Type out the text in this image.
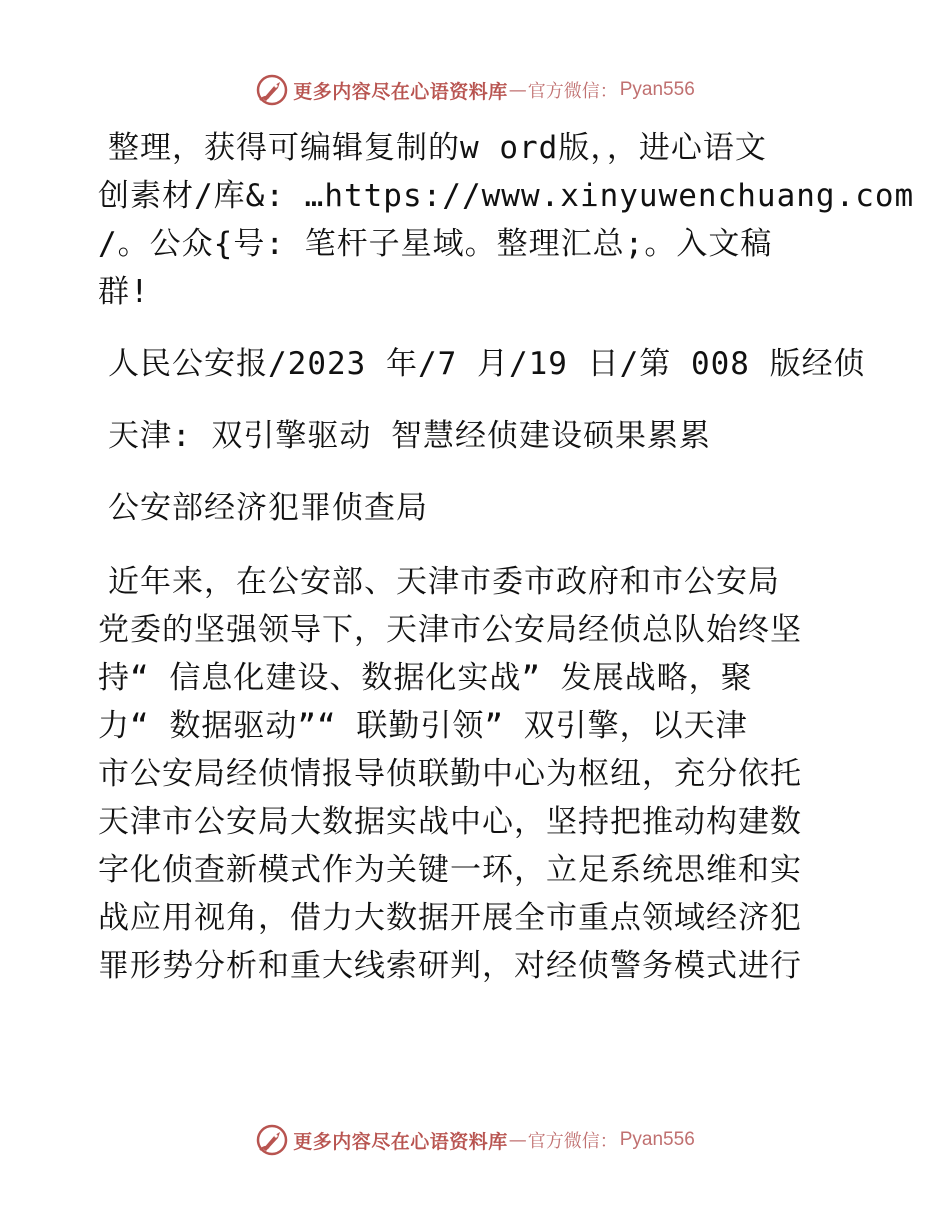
更多内容尽在心语资料库 — 官方微信： Pyan556
整理，获得可编辑复制的w ord版，，进心语文
创素材/库&: …https://www.xinyuwenchuang.com
/。公众{号: 笔杆子星域。整理汇总;。入文稿
群!
人民公安报/2023 年/7 月/19 日/第 008 版经侦
天津: 双引擎驱动 智慧经侦建设硕果累累
公安部经济犯罪侦查局
近年来，在公安部、天津市委市政府和市公安局
党委的坚强领导下，天津市公安局经侦总队始终坚
持“ 信息化建设、数据化实战” 发展战略，聚
力“ 数据驱动”“ 联勤引领” 双引擎，以天津
市公安局经侦情报导侦联勤中心为枢纽，充分依托
天津市公安局大数据实战中心，坚持把推动构建数
字化侦查新模式作为关键一环，立足系统思维和实
战应用视角，借力大数据开展全市重点领域经济犯
罪形势分析和重大线索研判，对经侦警务模式进行
更多内容尽在心语资料库 — 官方微信： Pyan556
